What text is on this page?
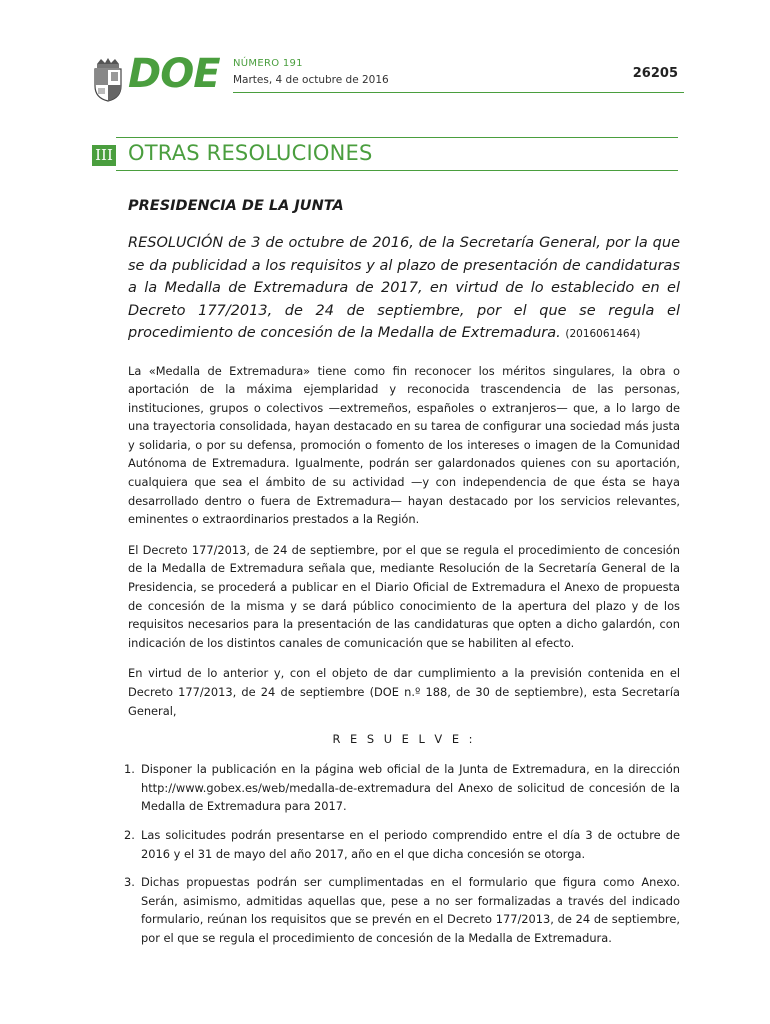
DOE NÚMERO 191
Martes, 4 de octubre de 2016	26205
III OTRAS RESOLUCIONES
PRESIDENCIA DE LA JUNTA
RESOLUCIÓN de 3 de octubre de 2016, de la Secretaría General, por la que se da publicidad a los requisitos y al plazo de presentación de candidaturas a la Medalla de Extremadura de 2017, en virtud de lo establecido en el Decreto 177/2013, de 24 de septiembre, por el que se regula el procedimiento de concesión de la Medalla de Extremadura. (2016061464)

La «Medalla de Extremadura» tiene como fin reconocer los méritos singulares, la obra o aportación de la máxima ejemplaridad y reconocida trascendencia de las personas, instituciones, grupos o colectivos —extremeños, españoles o extranjeros— que, a lo largo de una trayectoria consolidada, hayan destacado en su tarea de configurar una sociedad más justa y solidaria, o por su defensa, promoción o fomento de los intereses o imagen de la Comunidad Autónoma de Extremadura. Igualmente, podrán ser galardonados quienes con su aportación, cualquiera que sea el ámbito de su actividad —y con independencia de que ésta se haya desarrollado dentro o fuera de Extremadura— hayan destacado por los servicios relevantes, eminentes o extraordinarios prestados a la Región.

El Decreto 177/2013, de 24 de septiembre, por el que se regula el procedimiento de concesión de la Medalla de Extremadura señala que, mediante Resolución de la Secretaría General de la Presidencia, se procederá a publicar en el Diario Oficial de Extremadura el Anexo de propuesta de concesión de la misma y se dará público conocimiento de la apertura del plazo y de los requisitos necesarios para la presentación de las candidaturas que opten a dicho galardón, con indicación de los distintos canales de comunicación que se habiliten al efecto.

En virtud de lo anterior y, con el objeto de dar cumplimiento a la previsión contenida en el Decreto 177/2013, de 24 de septiembre (DOE n.º 188, de 30 de septiembre), esta Secretaría General,

R E S U E L V E :
1. Disponer la publicación en la página web oficial de la Junta de Extremadura, en la dirección http://www.gobex.es/web/medalla-de-extremadura del Anexo de solicitud de concesión de la Medalla de Extremadura para 2017.
2. Las solicitudes podrán presentarse en el periodo comprendido entre el día 3 de octubre de 2016 y el 31 de mayo del año 2017, año en el que dicha concesión se otorga.
3. Dichas propuestas podrán ser cumplimentadas en el formulario que figura como Anexo. Serán, asimismo, admitidas aquellas que, pese a no ser formalizadas a través del indicado formulario, reúnan los requisitos que se prevén en el Decreto 177/2013, de 24 de septiembre, por el que se regula el procedimiento de concesión de la Medalla de Extremadura.
